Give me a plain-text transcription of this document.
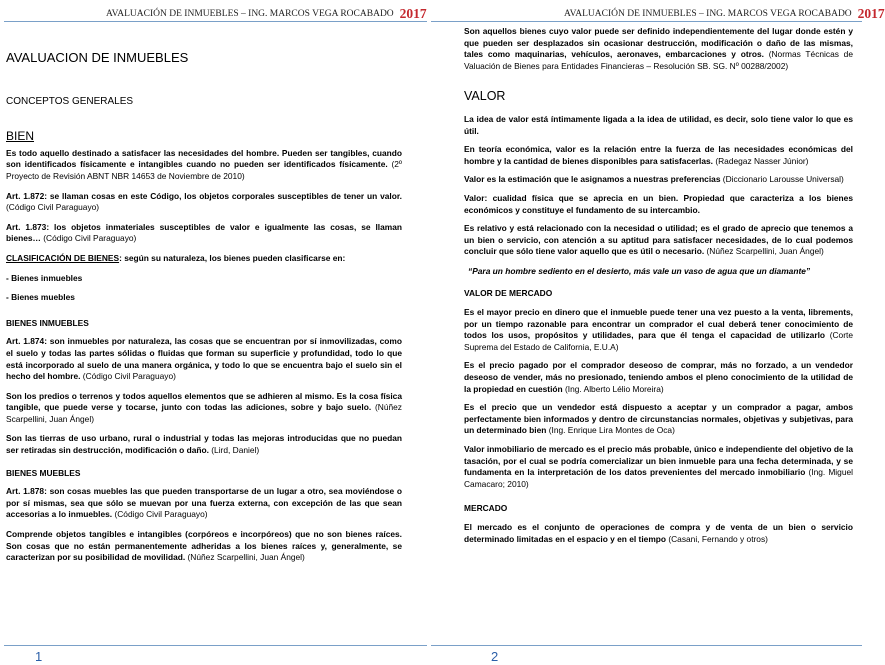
AVALUACIÓN DE INMUEBLES – ING. MARCOS VEGA ROCABADO 2017

AVALUACION DE INMUEBLES

CONCEPTOS GENERALES

BIEN

Es todo aquello destinado a satisfacer las necesidades del hombre. Pueden ser tangibles, cuando son identificados físicamente e intangibles cuando no pueden ser identificados físicamente. (2º Proyecto de Revisión ABNT NBR 14653 de Noviembre de 2010)

Art. 1.872: se llaman cosas en este Código, los objetos corporales susceptibles de tener un valor. (Código Civil Paraguayo)

Art. 1.873: los objetos inmateriales susceptibles de valor e igualmente las cosas, se llaman bienes… (Código Civil Paraguayo)

CLASIFICACIÓN DE BIENES: según su naturaleza, los bienes pueden clasificarse en:

- Bienes inmuebles

- Bienes muebles

BIENES INMUEBLES

Art. 1.874: son inmuebles por naturaleza, las cosas que se encuentran por sí inmovilizadas, como el suelo y todas las partes sólidas o fluidas que forman su superficie y profundidad, todo lo que está incorporado al suelo de una manera orgánica, y todo lo que se encuentra bajo el suelo sin el hecho del hombre. (Código Civil Paraguayo)

Son los predios o terrenos y todos aquellos elementos que se adhieren al mismo. Es la cosa física tangible, que puede verse y tocarse, junto con todas las adiciones, sobre y bajo suelo. (Núñez Scarpellini, Juan Ángel)

Son las tierras de uso urbano, rural o industrial y todas las mejoras introducidas que no puedan ser retiradas sin destrucción, modificación o daño. (Lird, Daniel)

BIENES MUEBLES

Art. 1.878: son cosas muebles las que pueden transportarse de un lugar a otro, sea moviéndose o por sí mismas, sea que sólo se muevan por una fuerza externa, con excepción de las que sean accesorias a lo inmuebles. (Código Civil Paraguayo)

Comprende objetos tangibles e intangibles (corpóreos e incorpóreos) que no son bienes raíces. Son cosas que no están permanentemente adheridas a los bienes raíces y, generalmente, se caracterizan por su posibilidad de movilidad. (Núñez Scarpellini, Juan Ángel)

1
AVALUACIÓN DE INMUEBLES – ING. MARCOS VEGA ROCABADO 2017

Son aquellos bienes cuyo valor puede ser definido independientemente del lugar donde estén y que pueden ser desplazados sin ocasionar destrucción, modificación o daño de las mismas, tales como maquinarias, vehículos, aeronaves, embarcaciones y otros. (Normas Técnicas de Valuación de Bienes para Entidades Financieras – Resolución SB. SG. Nº 00288/2002)

VALOR

La idea de valor está íntimamente ligada a la idea de utilidad, es decir, solo tiene valor lo que es útil.

En teoría económica, valor es la relación entre la fuerza de las necesidades económicas del hombre y la cantidad de bienes disponibles para satisfacerlas. (Radegaz Nasser Júnior)

Valor es la estimación que le asignamos a nuestras preferencias (Diccionario Larousse Universal)

Valor: cualidad física que se aprecia en un bien. Propiedad que caracteriza a los bienes económicos y constituye el fundamento de su intercambio.

Es relativo y está relacionado con la necesidad o utilidad; es el grado de aprecio que tenemos a un bien o servicio, con atención a su aptitud para satisfacer necesidades, de lo cual podemos concluir que sólo tiene valor aquello que es útil o necesario. (Núñez Scarpellini, Juan Ángel)

“Para un hombre sediento en el desierto, más vale un vaso de agua que un diamante”

VALOR DE MERCADO

Es el mayor precio en dinero que el inmueble puede tener una vez puesto a la venta, librements, por un tiempo razonable para encontrar un comprador el cual deberá tener conocimiento de todos los usos, propósitos y utilidades, para que él tenga el capacidad de utilizarlo (Corte Suprema del Estado de California, E.U.A)

Es el precio pagado por el comprador deseoso de comprar, más no forzado, a un vendedor deseoso de vender, más no presionado, teniendo ambos el pleno conocimiento de la utilidad de la propiedad en cuestión (Ing. Alberto Lélio Moreira)

Es el precio que un vendedor está dispuesto a aceptar y un comprador a pagar, ambos perfectamente bien informados y dentro de circunstancias normales, objetivas y subjetivas, para un determinado bien (Ing. Enrique Lira Montes de Oca)

Valor inmobiliario de mercado es el precio más probable, único e independiente del objetivo de la tasación, por el cual se podría comercializar un bien inmueble para una fecha determinada, y se fundamenta en la interpretación de los datos prevenientes del mercado inmobiliario (Ing. Miguel Camacaro; 2010)

MERCADO

El mercado es el conjunto de operaciones de compra y de venta de un bien o servicio determinado limitadas en el espacio y en el tiempo (Casani, Fernando y otros)

2
